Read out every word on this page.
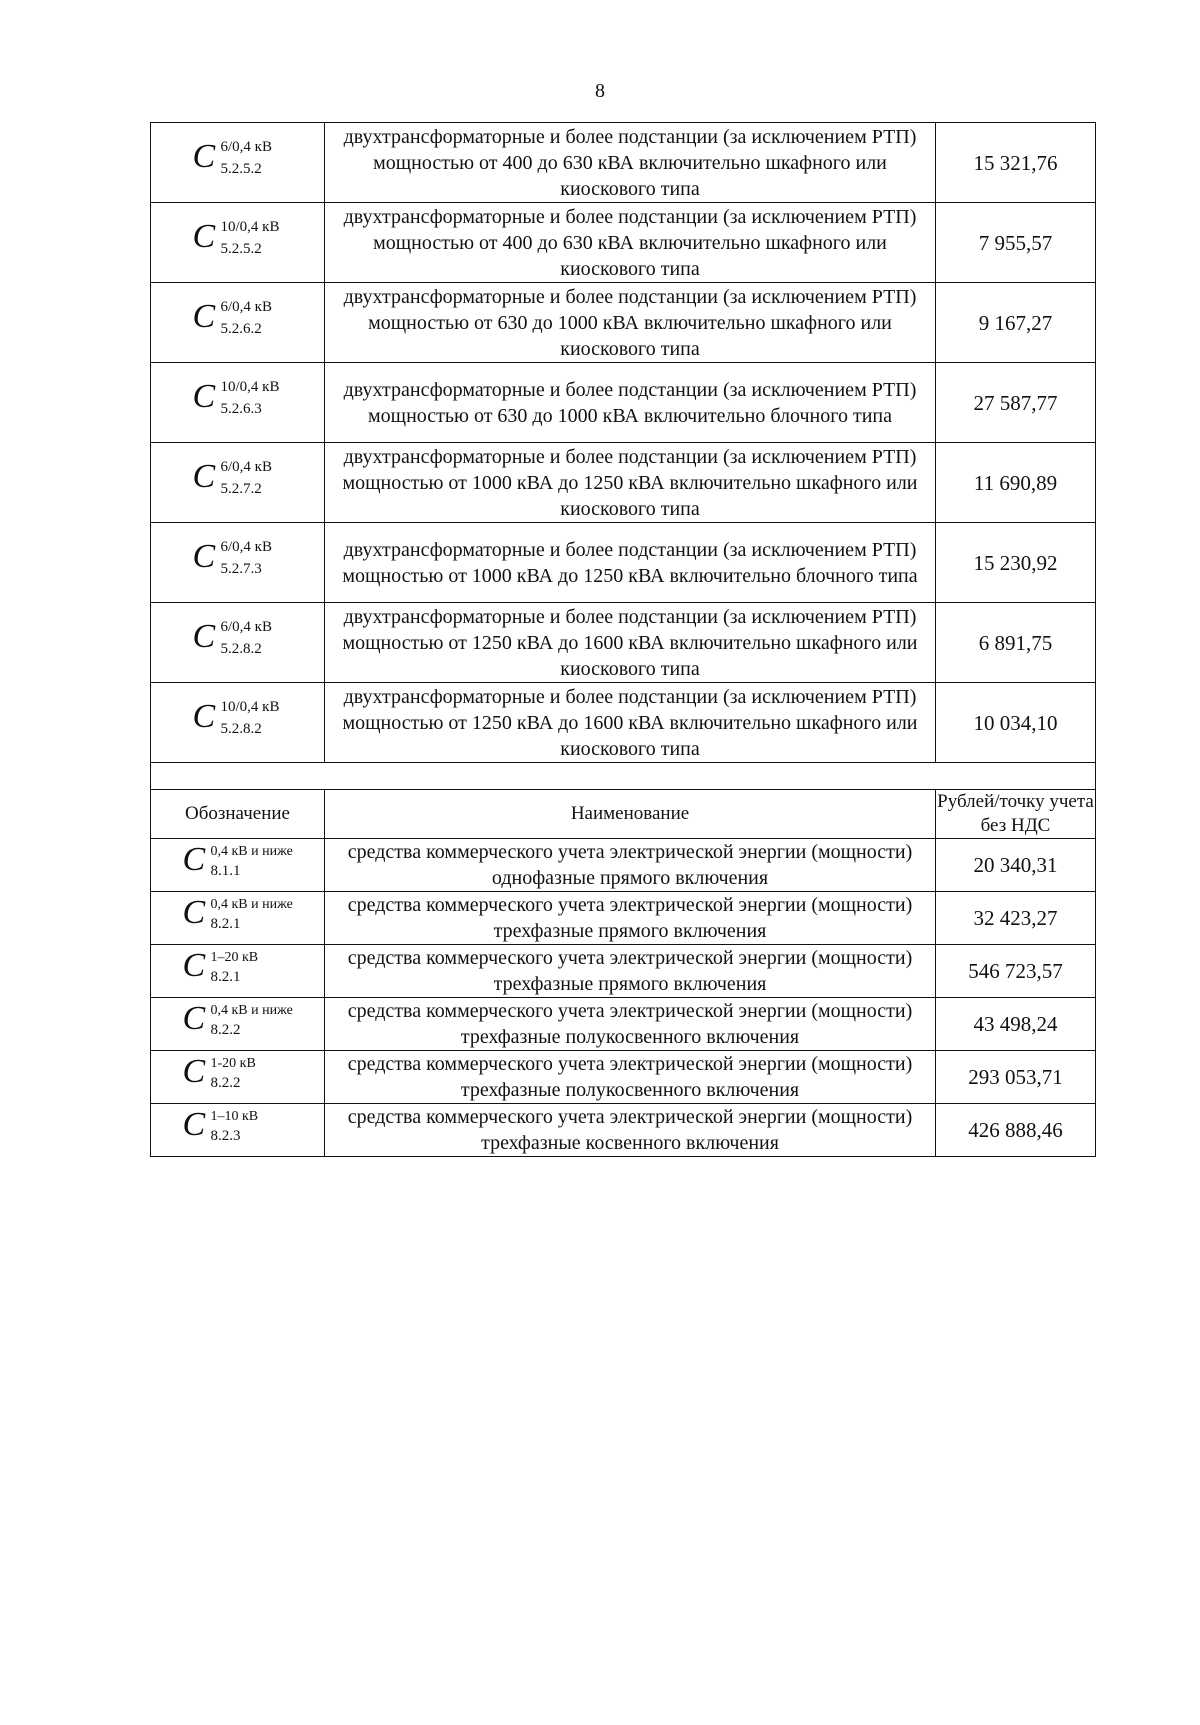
8
C 6/0,4 кВ
5.2.5.2	двухтрансформаторные и более подстанции (за исключением РТП) мощностью от 400 до 630 кВА включительно шкафного или киоскового типа	15 321,76

C 10/0,4 кВ
5.2.5.2	двухтрансформаторные и более подстанции (за исключением РТП) мощностью от 400 до 630 кВА включительно шкафного или киоскового типа	7 955,57

C 6/0,4 кВ
5.2.6.2	двухтрансформаторные и более подстанции (за исключением РТП) мощностью от 630 до 1000 кВА включительно шкафного или киоскового типа	9 167,27

C 10/0,4 кВ
5.2.6.3	двухтрансформаторные и более подстанции (за исключением РТП) мощностью от 630 до 1000 кВА включительно блочного типа	27 587,77

C 6/0,4 кВ
5.2.7.2	двухтрансформаторные и более подстанции (за исключением РТП) мощностью от 1000 кВА до 1250 кВА включительно шкафного или киоскового типа	11 690,89

C 6/0,4 кВ
5.2.7.3	двухтрансформаторные и более подстанции (за исключением РТП) мощностью от 1000 кВА до 1250 кВА включительно блочного типа	15 230,92

C 6/0,4 кВ
5.2.8.2	двухтрансформаторные и более подстанции (за исключением РТП) мощностью от 1250 кВА до 1600 кВА включительно шкафного или киоскового типа	6 891,75

C 10/0,4 кВ
5.2.8.2	двухтрансформаторные и более подстанции (за исключением РТП) мощностью от 1250 кВА до 1600 кВА включительно шкафного или киоскового типа	10 034,10

Обозначение	Наименование	Рублей/точку учета без НДС

C 0,4 кВ и ниже
8.1.1	средства коммерческого учета электрической энергии (мощности) однофазные прямого включения	20 340,31

C 0,4 кВ и ниже
8.2.1	средства коммерческого учета электрической энергии (мощности) трехфазные прямого включения	32 423,27

C 1–20 кВ
8.2.1	средства коммерческого учета электрической энергии (мощности) трехфазные прямого включения	546 723,57

C 0,4 кВ и ниже
8.2.2	средства коммерческого учета электрической энергии (мощности) трехфазные полукосвенного включения	43 498,24

C 1-20 кВ
8.2.2	средства коммерческого учета электрической энергии (мощности) трехфазные полукосвенного включения	293 053,71

C 1–10 кВ
8.2.3	средства коммерческого учета электрической энергии (мощности) трехфазные косвенного включения	426 888,46
